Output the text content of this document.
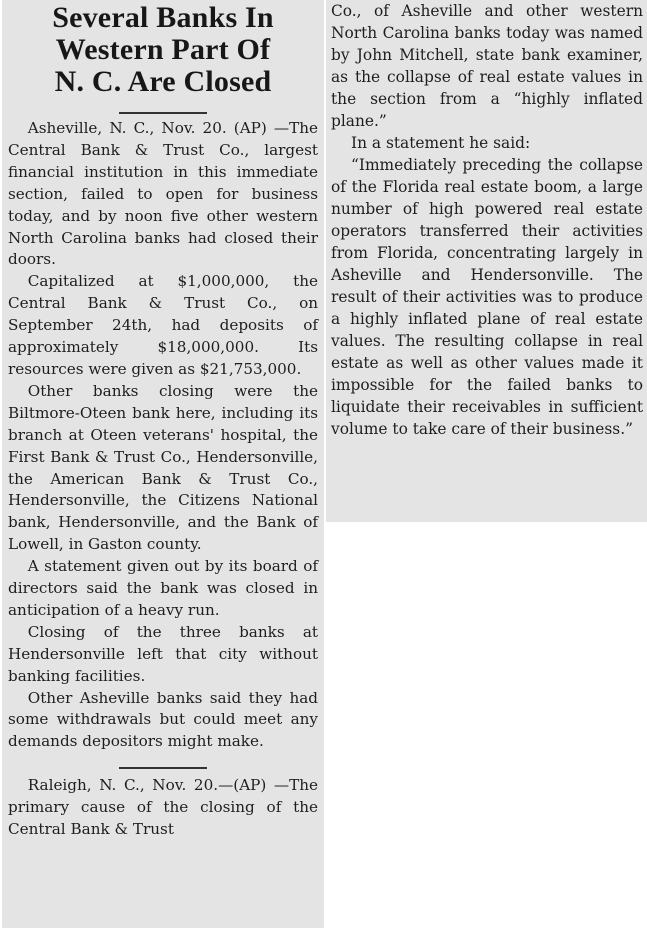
Several Banks In
Western Part Of
N. C. Are Closed

Asheville, N. C., Nov. 20. (AP) —The Central Bank & Trust Co., largest financial institution in this immediate section, failed to open for business today, and by noon five other western North Carolina banks had closed their doors.

Capitalized at $1,000,000, the Central Bank & Trust Co., on September 24th, had deposits of approximately $18,000,000. Its resources were given as $21,753,000.

Other banks closing were the Biltmore-Oteen bank here, including its branch at Oteen veterans' hospital, the First Bank & Trust Co., Hendersonville, the American Bank & Trust Co., Hendersonville, the Citizens National bank, Hendersonville, and the Bank of Lowell, in Gaston county.

A statement given out by its board of directors said the bank was closed in anticipation of a heavy run.

Closing of the three banks at Hendersonville left that city without banking facilities.

Other Asheville banks said they had some withdrawals but could meet any demands depositors might make.

Raleigh, N. C., Nov. 20.—(AP) —The primary cause of the closing of the Central Bank & Trust

Co., of Asheville and other western North Carolina banks today was named by John Mitchell, state bank examiner, as the collapse of real estate values in the section from a “highly inflated plane.”

In a statement he said:

“Immediately preceding the collapse of the Florida real estate boom, a large number of high powered real estate operators transferred their activities from Florida, concentrating largely in Asheville and Hendersonville. The result of their activities was to produce a highly inflated plane of real estate values. The resulting collapse in real estate as well as other values made it impossible for the failed banks to liquidate their receivables in sufficient volume to take care of their business.”
